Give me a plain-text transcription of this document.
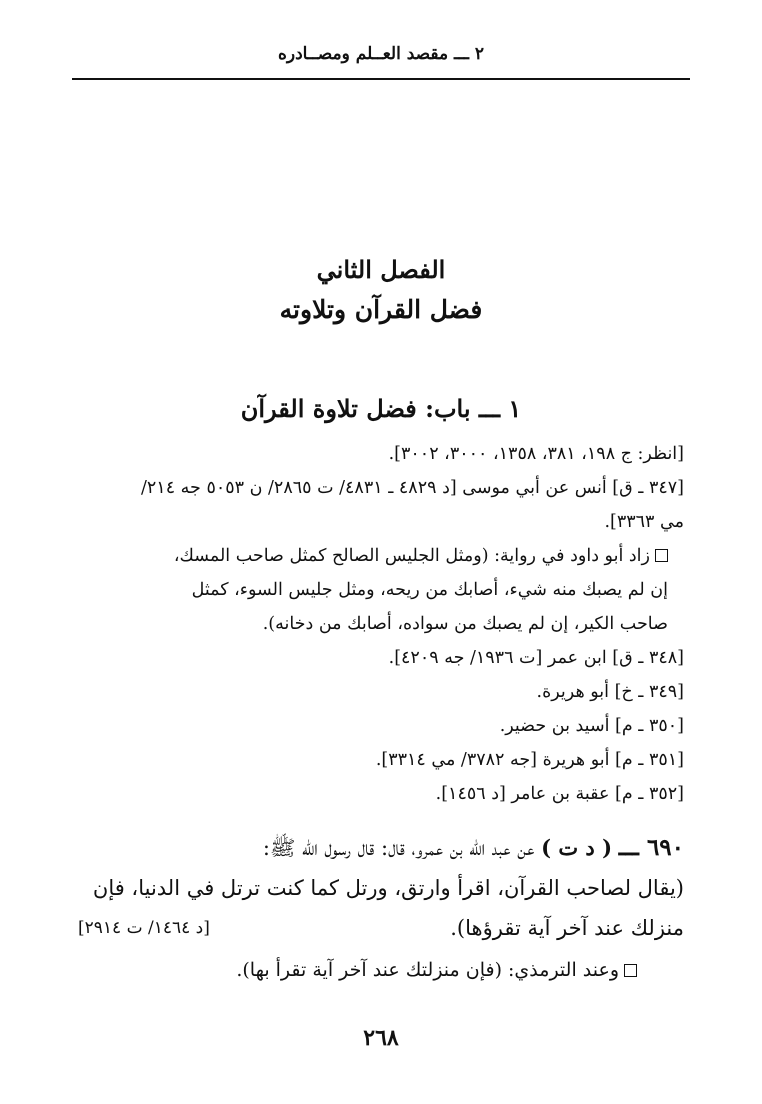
٢ ـــ مقصد العــلم ومصــادره
الفصل الثاني
فضل القرآن وتلاوته
١ ـــ باب: فضل تلاوة القرآن
[انظر: ج ١٩٨، ٣٨١، ١٣٥٨، ٣٠٠٠، ٣٠٠٢].

[٣٤٧ ـ ق] أنس عن أبي موسى [د ٤٨٢٩ ـ ٤٨٣١/ ت ٢٨٦٥/ ن ٥٠٥٣ جه ٢١٤/

مي ٣٣٦٣].

زاد أبو داود في رواية: (ومثل الجليس الصالح كمثل صاحب المسك،

إن لم يصبك منه شيء، أصابك من ريحه، ومثل جليس السوء، كمثل

صاحب الكير، إن لم يصبك من سواده، أصابك من دخانه).

[٣٤٨ ـ ق] ابن عمر [ت ١٩٣٦/ جه ٤٢٠٩].

[٣٤٩ ـ خ] أبو هريرة.

[٣٥٠ ـ م] أسيد بن حضير.

[٣٥١ ـ م] أبو هريرة [جه ٣٧٨٢/ مي ٣٣١٤].

[٣٥٢ ـ م] عقبة بن عامر [د ١٤٥٦].

٦٩٠ ـــ ( د ت ) عن عبد الله بن عمرو، قال: قال رسول الله ﷺ:
(يقال لصاحب القرآن، اقرأ وارتق، ورتل كما كنت ترتل في الدنيا، فإن
منزلك عند آخر آية تقرؤها).
[د ١٤٦٤/ ت ٢٩١٤]
وعند الترمذي: (فإن منزلتك عند آخر آية تقرأ بها).
٢٦٨
